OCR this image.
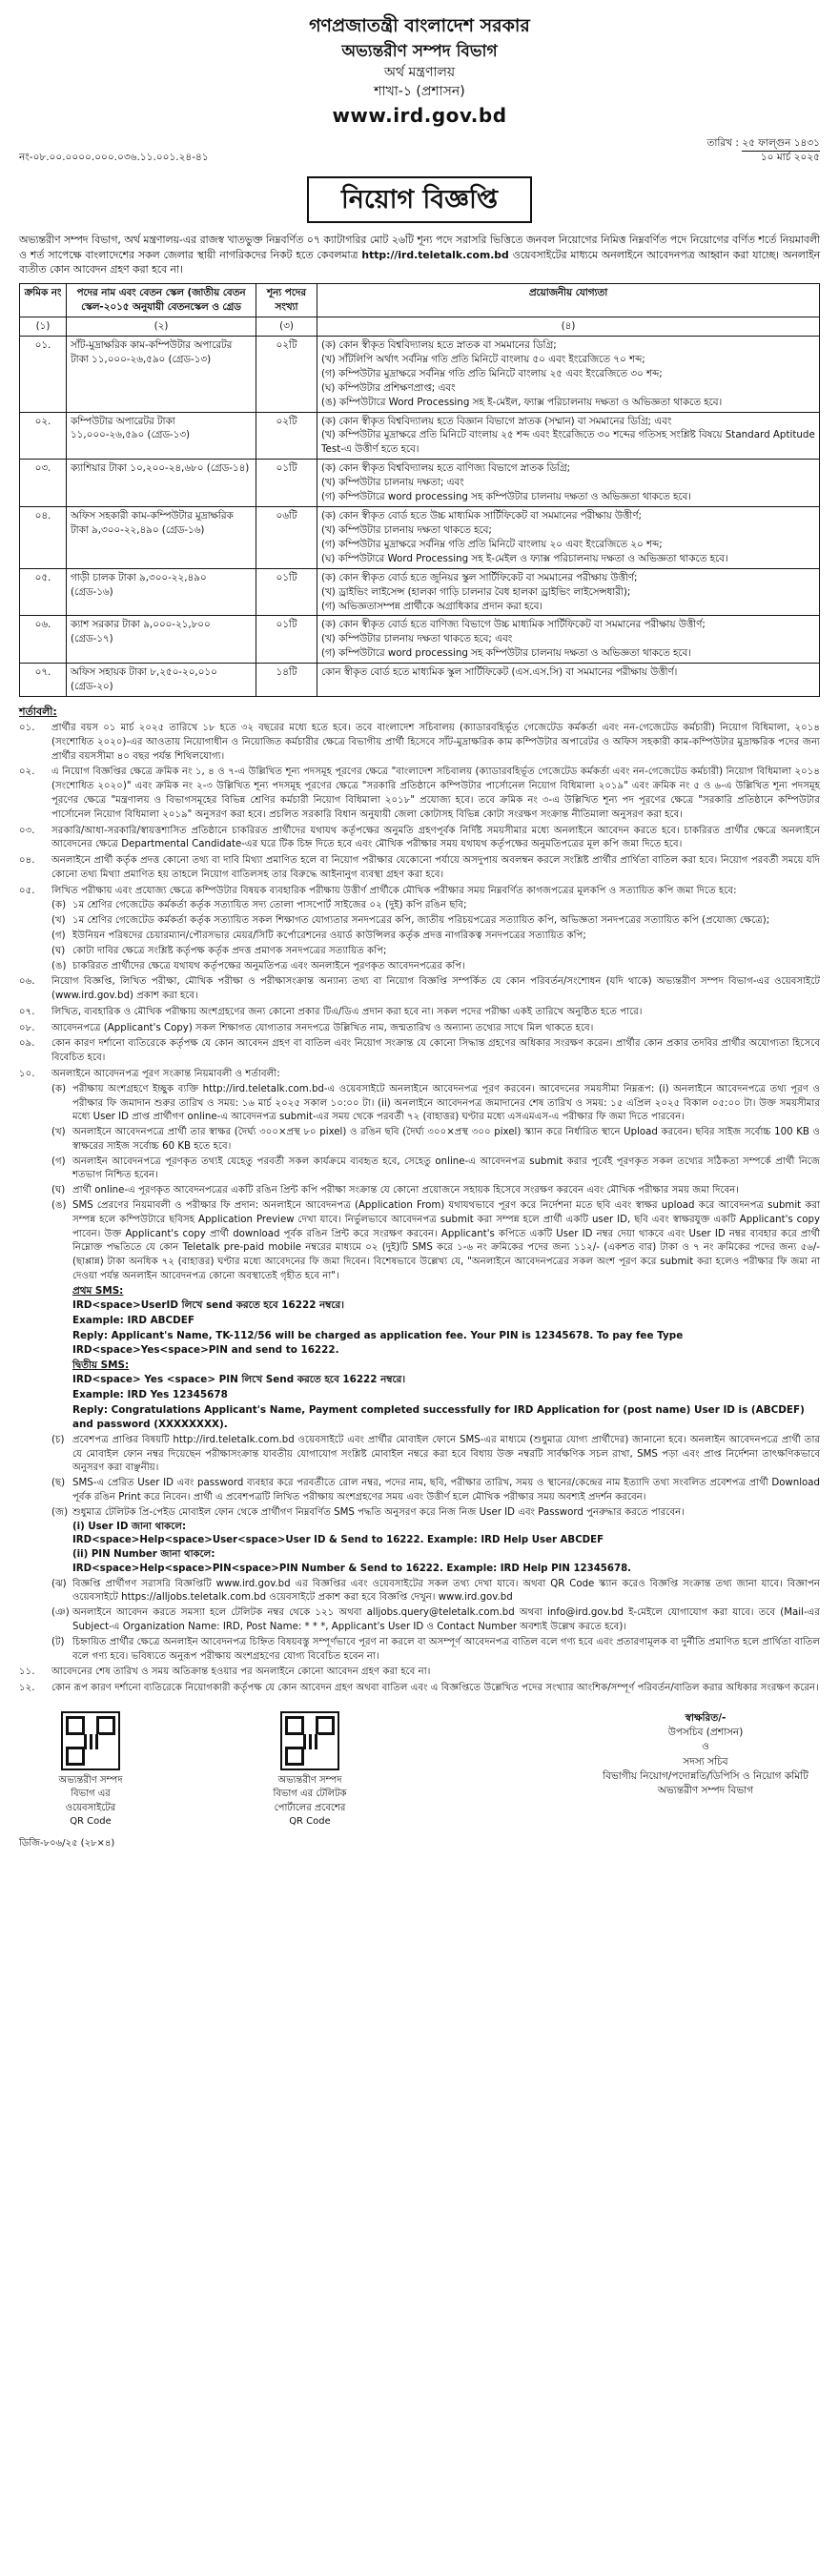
গণপ্রজাতন্ত্রী বাংলাদেশ সরকার
অভ্যন্তরীণ সম্পদ বিভাগ
অর্থ মন্ত্রণালয়
শাখা-১ (প্রশাসন)
www.ird.gov.bd
নং-০৮.০০.০০০০.০০০.০৩৬.১১.০০১.২৪-৪১
তারিখ : ২৫ ফাল্গুন ১৪৩১
১০ মার্চ ২০২৫
নিয়োগ বিজ্ঞপ্তি
অভ্যন্তরীণ সম্পদ বিভাগ, অর্থ মন্ত্রণালয়-এর রাজস্ব খাতভুক্ত নিম্নবর্ণিত ০৭ ক্যাটাগরির মোট ২৬টি শূন্য পদে সরাসরি ভিত্তিতে জনবল নিয়োগের নিমিত্ত নিম্নবর্ণিত পদে নিয়োগের বর্ণিত শর্তে নিয়মাবলী ও শর্ত সাপেক্ষে বাংলাদেশের সকল জেলার স্থায়ী নাগরিকদের নিকট হতে কেবলমাত্র http://ird.teletalk.com.bd ওয়েবসাইটের মাধ্যমে অনলাইনে আবেদনপত্র আহ্বান করা যাচ্ছে। অনলাইন ব্যতীত কোন আবেদন গ্রহণ করা হবে না।
ক্রমিক নং	পদের নাম এবং বেতন স্কেল (জাতীয় বেতন স্কেল-২০১৫ অনুযায়ী বেতনস্কেল ও গ্রেড	শূন্য পদের সংখ্যা	প্রয়োজনীয় যোগ্যতা
(১)	(২)	(৩)	(৪)
০১.	সাঁট-মুদ্রাক্ষরিক কাম-কম্পিউটার অপারেটর টাকা ১১,০০০-২৬,৫৯০ (গ্রেড-১৩)	০২টি	(ক) কোন স্বীকৃত বিশ্ববিদ্যালয় হতে স্নাতক বা সমমানের ডিগ্রি;
(খ) সাঁটলিপি অর্থাৎ সর্বনিম্ন গতি প্রতি মিনিটে বাংলায় ৫০ এবং ইংরেজিতে ৭০ শব্দ;
(গ) কম্পিউটার মুদ্রাক্ষরে সর্বনিম্ন গতি প্রতি মিনিটে বাংলায় ২৫ এবং ইংরেজিতে ৩০ শব্দ;
(ঘ) কম্পিউটার প্রশিক্ষণপ্রাপ্ত; এবং
(ঙ) কম্পিউটারে Word Processing সহ ই-মেইল, ফ্যাক্স পরিচালনায় দক্ষতা ও অভিজ্ঞতা থাকতে হবে।

০২.	কম্পিউটার অপারেটর টাকা ১১,০০০-২৬,৫৯০ (গ্রেড-১৩)	০২টি	(ক) কোন স্বীকৃত বিশ্ববিদ্যালয় হতে বিজ্ঞান বিভাগে স্নাতক (সম্মান) বা সমমানের ডিগ্রি; এবং
(খ) কম্পিউটার মুদ্রাক্ষরে প্রতি মিনিটে বাংলায় ২৫ শব্দ এবং ইংরেজিতে ৩০ শব্দের গতিসহ সংশ্লিষ্ট বিষয়ে Standard Aptitude Test-এ উত্তীর্ণ হতে হবে।

০৩.	ক্যাশিয়ার টাকা ১০,২০০-২৪,৬৮০ (গ্রেড-১৪)	০১টি	(ক) কোন স্বীকৃত বিশ্ববিদ্যালয় হতে বাণিজ্য বিভাগে স্নাতক ডিগ্রি;
(খ) কম্পিউটার চালনায় দক্ষতা; এবং
(গ) কম্পিউটারে word processing সহ কম্পিউটার চালনায় দক্ষতা ও অভিজ্ঞতা থাকতে হবে।

০৪.	অফিস সহকারী কাম-কম্পিউটার মুদ্রাক্ষরিক টাকা ৯,৩০০-২২,৪৯০ (গ্রেড-১৬)	০৬টি	(ক) কোন স্বীকৃত বোর্ড হতে উচ্চ মাধ্যমিক সার্টিফিকেট বা সমমানের পরীক্ষায় উত্তীর্ণ;
(খ) কম্পিউটার চালনায় দক্ষতা থাকতে হবে;
(গ) কম্পিউটার মুদ্রাক্ষরে সর্বনিম্ন গতি প্রতি মিনিটে বাংলায় ২০ এবং ইংরেজিতে ২০ শব্দ;
(ঘ) কম্পিউটারে Word Processing সহ ই-মেইল ও ফ্যাক্স পরিচালনায় দক্ষতা ও অভিজ্ঞতা থাকতে হবে।

০৫.	গাড়ী চালক টাকা ৯,৩০০-২২,৪৯০ (গ্রেড-১৬)	০১টি	(ক) কোন স্বীকৃত বোর্ড হতে জুনিয়র স্কুল সার্টিফিকেট বা সমমানের পরীক্ষায় উত্তীর্ণ;
(খ) ড্রাইভিং লাইসেন্স (হালকা গাড়ি চালনার বৈধ হালকা ড্রাইভিং লাইসেন্সধারী);
(গ) অভিজ্ঞতাসম্পন্ন প্রার্থীকে অগ্রাধিকার প্রদান করা হবে।

০৬.	ক্যাশ সরকার টাকা ৯,০০০-২১,৮০০ (গ্রেড-১৭)	০১টি	(ক) কোন স্বীকৃত বোর্ড হতে বাণিজ্য বিভাগে উচ্চ মাধ্যমিক সার্টিফিকেট বা সমমানের পরীক্ষায় উত্তীর্ণ;
(খ) কম্পিউটার চালনায় দক্ষতা থাকতে হবে; এবং
(গ) কম্পিউটারে word processing সহ কম্পিউটার চালনায় দক্ষতা ও অভিজ্ঞতা থাকতে হবে।

০৭.	অফিস সহায়ক টাকা ৮,২৫০-২০,০১০ (গ্রেড-২০)	১৪টি	কোন স্বীকৃত বোর্ড হতে মাধ্যমিক স্কুল সার্টিফিকেট (এস.এস.সি) বা সমমানের পরীক্ষায় উত্তীর্ণ।
শর্তাবলী:
০১.	প্রার্থীর বয়স ০১ মার্চ ২০২৫ তারিখে ১৮ হতে ৩২ বছরের মধ্যে হতে হবে। তবে বাংলাদেশ সচিবালয় (ক্যাডারবহির্ভূত গেজেটেড কর্মকর্তা এবং নন-গেজেটেড কর্মচারী) নিয়োগ বিধিমালা, ২০১৪ (সংশোধিত ২০২০)-এর আওতায় নিয়োগাধীন ও নিয়োজিত কর্মচারীর ক্ষেত্রে বিভাগীয় প্রার্থী হিসেবে সাঁট-মুদ্রাক্ষরিক কাম কম্পিউটার অপারেটর ও অফিস সহকারী কাম-কম্পিউটার মুদ্রাক্ষরিক পদের জন্য প্রার্থীর বয়সসীমা ৪০ বছর পর্যন্ত শিথিলযোগ্য।
০২.	এ নিয়োগ বিজ্ঞপ্তির ক্ষেত্রে ক্রমিক নং ১, ৪ ও ৭-এ উল্লিখিত শূন্য পদসমূহ পূরণের ক্ষেত্রে "বাংলাদেশ সচিবালয় (ক্যাডারবহির্ভূত গেজেটেড কর্মকর্তা এবং নন-গেজেটেড কর্মচারী) নিয়োগ বিধিমালা ২০১৪ (সংশোধিত ২০২০)" এবং ক্রমিক নং ২-৩ উল্লিখিত শূন্য পদসমূহ পূরণের ক্ষেত্রে "সরকারি প্রতিষ্ঠানে কম্পিউটার পার্সোনেল নিয়োগ বিধিমালা ২০১৯" এবং ক্রমিক নং ৫ ও ৬-এ উল্লিখিত শূন্য পদসমূহ পূরণের ক্ষেত্রে "মন্ত্রণালয় ও বিভাগসমূহের বিভিন্ন শ্রেণির কর্মচারী নিয়োগ বিধিমালা ২০১৮" প্রযোজ্য হবে। তবে ক্রমিক নং ৩-এ উল্লিখিত শূন্য পদ পূরণের ক্ষেত্রে "সরকারি প্রতিষ্ঠানে কম্পিউটার পার্সোনেল নিয়োগ বিধিমালা ২০১৯" অনুসরণ করা হবে। প্রচলিত সরকারি বিধান অনুযায়ী জেলা কোটাসহ বিভিন্ন কোটা সংরক্ষণ সংক্রান্ত নীতিমালা অনুসরণ করা হবে।
০৩.	সরকারি/আধা-সরকারি/স্বায়ত্তশাসিত প্রতিষ্ঠানে চাকরিরত প্রার্থীদের যথাযথ কর্তৃপক্ষের অনুমতি গ্রহণপূর্বক নির্দিষ্ট সময়সীমার মধ্যে অনলাইনে আবেদন করতে হবে। চাকরিরত প্রার্থীর ক্ষেত্রে অনলাইনে আবেদনের ক্ষেত্রে Departmental Candidate-এর ঘরে টিক চিহ্ন দিতে হবে এবং মৌখিক পরীক্ষার সময় যথাযথ কর্তৃপক্ষের অনুমতিপত্রের মূল কপি জমা দিতে হবে।
০৪.	অনলাইনে প্রার্থী কর্তৃক প্রদত্ত কোনো তথ্য বা দাবি মিথ্যা প্রমাণিত হলে বা নিয়োগ পরীক্ষার যেকোনো পর্যায়ে অসদুপায় অবলম্বন করলে সংশ্লিষ্ট প্রার্থীর প্রার্থিতা বাতিল করা হবে। নিয়োগ পরবর্তী সময়ে যদি কোনো তথ্য মিথ্যা প্রমাণিত হয় তাহলে নিয়োগ বাতিলসহ তার বিরুদ্ধে আইনানুগ ব্যবস্থা গ্রহণ করা হবে।
০৫.	লিখিত পরীক্ষায় এবং প্রযোজ্য ক্ষেত্রে কম্পিউটার বিষয়ক ব্যবহারিক পরীক্ষায় উত্তীর্ণ প্রার্থীকে মৌখিক পরীক্ষার সময় নিম্নবর্ণিত কাগজপত্রের মূলকপি ও সত্যায়িত কপি জমা দিতে হবে:
(ক) ১ম শ্রেণির গেজেটেড কর্মকর্তা কর্তৃক সত্যায়িত সদ্য তোলা পাসপোর্ট সাইজের ০২ (দুই) কপি রঙিন ছবি;
(খ) ১ম শ্রেণির গেজেটেড কর্মকর্তা কর্তৃক সত্যায়িত সকল শিক্ষাগত যোগ্যতার সনদপত্রের কপি, জাতীয় পরিচয়পত্রের সত্যায়িত কপি, অভিজ্ঞতা সনদপত্রের সত্যায়িত কপি (প্রযোজ্য ক্ষেত্রে);
(গ) ইউনিয়ন পরিষদের চেয়ারম্যান/পৌরসভার মেয়র/সিটি কর্পোরেশনের ওয়ার্ড কাউন্সিলর কর্তৃক প্রদত্ত নাগরিকত্ব সনদপত্রের সত্যায়িত কপি;
(ঘ) কোটা দাবির ক্ষেত্রে সংশ্লিষ্ট কর্তৃপক্ষ কর্তৃক প্রদত্ত প্রমাণক সনদপত্রের সত্যায়িত কপি;
(ঙ) চাকরিরত প্রার্থীদের ক্ষেত্রে যথাযথ কর্তৃপক্ষের অনুমতিপত্র এবং অনলাইনে পূরণকৃত আবেদনপত্রের কপি।
০৬.	নিয়োগ বিজ্ঞপ্তি, লিখিত পরীক্ষা, মৌখিক পরীক্ষা ও পরীক্ষাসংক্রান্ত অন্যান্য তথ্য বা নিয়োগ বিজ্ঞপ্তি সম্পর্কিত যে কোন পরিবর্তন/সংশোধন (যদি থাকে) অভ্যন্তরীণ সম্পদ বিভাগ-এর ওয়েবসাইটে (www.ird.gov.bd) প্রকাশ করা হবে।
০৭.	লিখিত, ব্যবহারিক ও মৌখিক পরীক্ষায় অংশগ্রহণের জন্য কোনো প্রকার টিএ/ডিএ প্রদান করা হবে না। সকল পদের পরীক্ষা একই তারিখে অনুষ্ঠিত হতে পারে।
০৮.	আবেদনপত্রে (Applicant's Copy) সকল শিক্ষাগত যোগ্যতার সনদপত্রে উল্লিখিত নাম, জন্মতারিখ ও অন্যান্য তথ্যের সাথে মিল থাকতে হবে।
০৯.	কোন কারণ দর্শানো ব্যতিরেকে কর্তৃপক্ষ যে কোন আবেদন গ্রহণ বা বাতিল এবং নিয়োগ সংক্রান্ত যে কোনো সিদ্ধান্ত গ্রহণের অধিকার সংরক্ষণ করেন। প্রার্থীর কোন প্রকার তদবির প্রার্থীর অযোগ্যতা হিসেবে বিবেচিত হবে।
১০.	অনলাইনে আবেদনপত্র পূরণ সংক্রান্ত নিয়মাবলী ও শর্তাবলী:
(ক) পরীক্ষায় অংশগ্রহণে ইচ্ছুক ব্যক্তি http://ird.teletalk.com.bd-এ ওয়েবসাইটে অনলাইনে আবেদনপত্র পূরণ করবেন। আবেদনের সময়সীমা নিম্নরূপ: (i) অনলাইনে আবেদনপত্রে তথ্য পূরণ ও পরীক্ষার ফি জমাদান শুরুর তারিখ ও সময়: ১৬ মার্চ ২০২৫ সকাল ১০:০০ টা। (ii) অনলাইনে আবেদনপত্র জমাদানের শেষ তারিখ ও সময়: ১৫ এপ্রিল ২০২৫ বিকাল ০৫:০০ টা। উক্ত সময়সীমার মধ্যে User ID প্রাপ্ত প্রার্থীগণ online-এ আবেদনপত্র submit-এর সময় থেকে পরবর্তী ৭২ (বাহাত্তর) ঘণ্টার মধ্যে এসএমএস-এ পরীক্ষার ফি জমা দিতে পারবেন।
(খ) অনলাইনে আবেদনপত্রে প্রার্থী তার স্বাক্ষর (দৈর্ঘ্য ৩০০×প্রস্থ ৮০ pixel) ও রঙিন ছবি (দৈর্ঘ্য ৩০০×প্রস্থ ৩০০ pixel) স্ক্যান করে নির্ধারিত স্থানে Upload করবেন। ছবির সাইজ সর্বোচ্চ 100 KB ও স্বাক্ষরের সাইজ সর্বোচ্চ 60 KB হতে হবে।
(গ) অনলাইন আবেদনপত্রে পূরণকৃত তথ্যই যেহেতু পরবর্তী সকল কার্যক্রমে ব্যবহৃত হবে, সেহেতু online-এ আবেদনপত্র submit করার পূর্বেই পূরণকৃত সকল তথ্যের সঠিকতা সম্পর্কে প্রার্থী নিজে শতভাগ নিশ্চিত হবেন।
(ঘ) প্রার্থী online-এ পূরণকৃত আবেদনপত্রের একটি রঙিন প্রিন্ট কপি পরীক্ষা সংক্রান্ত যে কোনো প্রয়োজনে সহায়ক হিসেবে সংরক্ষণ করবেন এবং মৌখিক পরীক্ষার সময় জমা দিবেন।
(ঙ) SMS প্রেরণের নিয়মাবলী ও পরীক্ষার ফি প্রদান: অনলাইনে আবেদনপত্র (Application From) যথাযথভাবে পূরণ করে নির্দেশনা মতে ছবি এবং স্বাক্ষর upload করে আবেদনপত্র submit করা সম্পন্ন হলে কম্পিউটারে ছবিসহ Application Preview দেখা যাবে। নির্ভুলভাবে আবেদনপত্র submit করা সম্পন্ন হলে প্রার্থী একটি user ID, ছবি এবং স্বাক্ষরযুক্ত একটি Applicant's copy পাবেন। উক্ত Applicant's copy প্রার্থী download পূর্বক রঙিন প্রিন্ট করে সংরক্ষণ করবেন। Applicant's কপিতে একটি User ID নম্বর দেয়া থাকবে এবং User ID নম্বর ব্যবহার করে প্রার্থী নিম্নোক্ত পদ্ধতিতে যে কোন Teletalk pre-paid mobile নম্বরের মাধ্যমে ০২ (দুই)টি SMS করে ১-৬ নং ক্রমিকের পদের জন্য ১১২/- (একশত বার) টাকা ও ৭ নং ক্রমিকের পদের জন্য ৫৬/- (ছাপ্পান্ন) টাকা অনধিক ৭২ (বাহাত্তর) ঘণ্টার মধ্যে আবেদনের ফি জমা দিবেন। বিশেষভাবে উল্লেখ্য যে, "অনলাইনে আবেদনপত্রের সকল অংশ পূরণ করে submit করা হলেও পরীক্ষার ফি জমা না দেওয়া পর্যন্ত অনলাইন আবেদনপত্র কোনো অবস্থাতেই গৃহীত হবে না"।
প্রথম SMS:
IRD<space>UserID লিখে send করতে হবে 16222 নম্বরে।
Example: IRD ABCDEF
Reply: Applicant's Name, TK-112/56 will be charged as application fee. Your PIN is 12345678. To pay fee Type IRD<space>Yes<space>PIN and send to 16222.
দ্বিতীয় SMS:
IRD<space> Yes <space> PIN লিখে Send করতে হবে 16222 নম্বরে।
Example: IRD Yes 12345678
Reply: Congratulations Applicant's Name, Payment completed successfully for IRD Application for (post name) User ID is (ABCDEF) and password (XXXXXXXX).
(চ) প্রবেশপত্র প্রাপ্তির বিষয়টি http://ird.teletalk.com.bd ওয়েবসাইটে এবং প্রার্থীর মোবাইল ফোনে SMS-এর মাধ্যমে (শুধুমাত্র যোগ্য প্রার্থীদের) জানানো হবে। অনলাইন আবেদনপত্রে প্রার্থী তার যে মোবাইল ফোন নম্বর দিয়েছেন পরীক্ষাসংক্রান্ত যাবতীয় যোগাযোগ সংশ্লিষ্ট মোবাইল নম্বরে করা হবে বিধায় উক্ত নম্বরটি সার্বক্ষণিক সচল রাখা, SMS পড়া এবং প্রাপ্ত নির্দেশনা তাৎক্ষণিকভাবে অনুসরণ করা বাঞ্ছনীয়।
(ছ) SMS-এ প্রেরিত User ID এবং password ব্যবহার করে পরবর্তীতে রোল নম্বর, পদের নাম, ছবি, পরীক্ষার তারিখ, সময় ও স্থানের/কেন্দ্রের নাম ইত্যাদি তথ্য সংবলিত প্রবেশপত্র প্রার্থী Download পূর্বক রঙিন Print করে নিবেন। প্রার্থী এ প্রবেশপত্রটি লিখিত পরীক্ষায় অংশগ্রহণের সময় এবং উত্তীর্ণ হলে মৌখিক পরীক্ষার সময় অবশ্যই প্রদর্শন করবেন।
(জ) শুধুমাত্র টেলিটক প্রি-পেইড মোবাইল ফোন থেকে প্রার্থীগণ নিম্নবর্ণিত SMS পদ্ধতি অনুসরণ করে নিজ নিজ User ID এবং Password পুনরুদ্ধার করতে পারবেন।
(i) User ID জানা থাকলে:
IRD<space>Help<space>User<space>User ID & Send to 16222. Example: IRD Help User ABCDEF
(ii) PIN Number জানা থাকলে:
IRD<space>Help<space>PIN<space>PIN Number & Send to 16222. Example: IRD Help PIN 12345678.
(ঝ) বিজ্ঞপ্তি প্রার্থীগণ সরাসরি বিজ্ঞপ্তিটি www.ird.gov.bd এর বিজ্ঞপ্তির এবং ওয়েবসাইটের সকল তথ্য দেখা যাবে। অথবা QR Code স্ক্যান করেও বিজ্ঞপ্তি সংক্রান্ত তথ্য জানা যাবে। বিজ্ঞাপন ওয়েবসাইটে https://alljobs.teletalk.com.bd ওয়েবসাইটে প্রকাশ করা হবে বিজ্ঞপ্তি দেখুন। www.ird.gov.bd
(ঞ) অনলাইনে আবেদন করতে সমস্যা হলে টেলিটক নম্বর থেকে ১২১ অথবা alljobs.query@teletalk.com.bd অথবা info@ird.gov.bd ই-মেইলে যোগাযোগ করা যাবে। তবে (Mail-এর Subject-এ Organization Name: IRD, Post Name: * * *, Applicant's User ID ও Contact Number অবশ্যই উল্লেখ করতে হবে)।
(ট) চিহ্নায়িত প্রার্থীর ক্ষেত্রে অনলাইন আবেদনপত্র চিহ্নিত বিষয়বস্তু সম্পূর্ণভাবে পূরণ না করলে বা অসম্পূর্ণ আবেদনপত্র বাতিল বলে গণ্য হবে এবং প্রতারণামূলক বা দুর্নীতি প্রমাণিত হলে প্রার্থিতা বাতিল বলে গণ্য হবে। ভবিষ্যতে অনুরূপ পরীক্ষায় অংশগ্রহণের যোগ্য বিবেচিত হবেন না।
১১.	আবেদনের শেষ তারিখ ও সময় অতিক্রান্ত হওয়ার পর অনলাইনে কোনো আবেদন গ্রহণ করা হবে না।
১২.	কোন রূপ কারণ দর্শানো ব্যতিরেকে নিয়োগকারী কর্তৃপক্ষ যে কোন আবেদন গ্রহণ অথবা বাতিল এবং এ বিজ্ঞপ্তিতে উল্লেখিত পদের সংখ্যার আংশিক/সম্পূর্ণ পরিবর্তন/বাতিল করার অধিকার সংরক্ষণ করেন।
অভ্যন্তরীণ সম্পদ
বিভাগ এর
ওয়েবসাইটের
QR Code
অভ্যন্তরীণ সম্পদ
বিভাগ এর টেলিটক
পোর্টালের প্রবেশের
QR Code
স্বাক্ষরিত/-
উপসচিব (প্রশাসন)
ও
সদস্য সচিব
বিভাগীয় নিয়োগ/পদোন্নতি/ডিপিসি ও নিয়োগ কমিটি
অভ্যন্তরীণ সম্পদ বিভাগ
ডিজি-৮০৬/২৫ (২৮×৪)
